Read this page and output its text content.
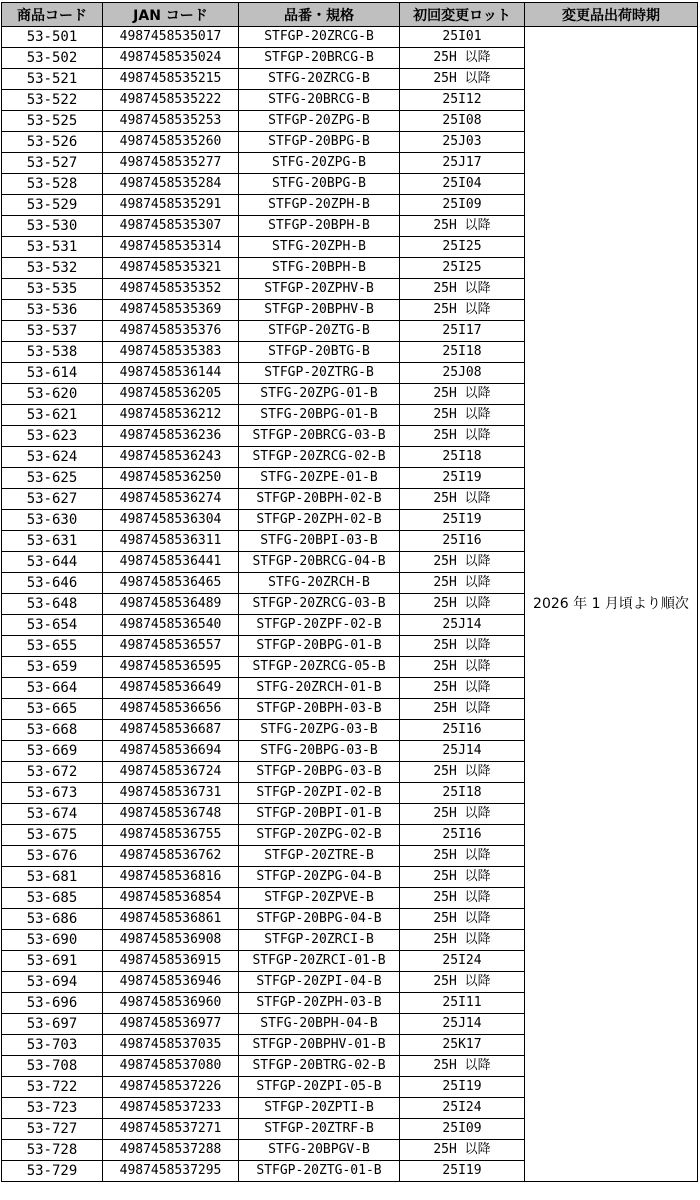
商品コード	JAN コード	品番・規格	初回変更ロット	変更品出荷時期
53-501	4987458535017	STFGP-20ZRCG-B	25I01	2026 年 1 月頃より順次
53-502	4987458535024	STFGP-20BRCG-B	25H 以降	
53-521	4987458535215	STFG-20ZRCG-B	25H 以降	
53-522	4987458535222	STFG-20BRCG-B	25I12	
53-525	4987458535253	STFGP-20ZPG-B	25I08	
53-526	4987458535260	STFGP-20BPG-B	25J03	
53-527	4987458535277	STFG-20ZPG-B	25J17	
53-528	4987458535284	STFG-20BPG-B	25I04	
53-529	4987458535291	STFGP-20ZPH-B	25I09	
53-530	4987458535307	STFGP-20BPH-B	25H 以降	
53-531	4987458535314	STFG-20ZPH-B	25I25	
53-532	4987458535321	STFG-20BPH-B	25I25	
53-535	4987458535352	STFGP-20ZPHV-B	25H 以降	
53-536	4987458535369	STFGP-20BPHV-B	25H 以降	
53-537	4987458535376	STFGP-20ZTG-B	25I17	
53-538	4987458535383	STFGP-20BTG-B	25I18	
53-614	4987458536144	STFGP-20ZTRG-B	25J08	
53-620	4987458536205	STFG-20ZPG-01-B	25H 以降	
53-621	4987458536212	STFG-20BPG-01-B	25H 以降	
53-623	4987458536236	STFGP-20BRCG-03-B	25H 以降	
53-624	4987458536243	STFGP-20ZRCG-02-B	25I18	
53-625	4987458536250	STFG-20ZPE-01-B	25I19	
53-627	4987458536274	STFGP-20BPH-02-B	25H 以降	
53-630	4987458536304	STFGP-20ZPH-02-B	25I19	
53-631	4987458536311	STFG-20BPI-03-B	25I16	
53-644	4987458536441	STFGP-20BRCG-04-B	25H 以降	
53-646	4987458536465	STFG-20ZRCH-B	25H 以降	
53-648	4987458536489	STFGP-20ZRCG-03-B	25H 以降	
53-654	4987458536540	STFGP-20ZPF-02-B	25J14	
53-655	4987458536557	STFGP-20BPG-01-B	25H 以降	
53-659	4987458536595	STFGP-20ZRCG-05-B	25H 以降	
53-664	4987458536649	STFG-20ZRCH-01-B	25H 以降	
53-665	4987458536656	STFGP-20BPH-03-B	25H 以降	
53-668	4987458536687	STFG-20ZPG-03-B	25I16	
53-669	4987458536694	STFG-20BPG-03-B	25J14	
53-672	4987458536724	STFGP-20BPG-03-B	25H 以降	
53-673	4987458536731	STFGP-20ZPI-02-B	25I18	
53-674	4987458536748	STFGP-20BPI-01-B	25H 以降	
53-675	4987458536755	STFGP-20ZPG-02-B	25I16	
53-676	4987458536762	STFGP-20ZTRE-B	25H 以降	
53-681	4987458536816	STFGP-20ZPG-04-B	25H 以降	
53-685	4987458536854	STFGP-20ZPVE-B	25H 以降	
53-686	4987458536861	STFGP-20BPG-04-B	25H 以降	
53-690	4987458536908	STFGP-20ZRCI-B	25H 以降	
53-691	4987458536915	STFGP-20ZRCI-01-B	25I24	
53-694	4987458536946	STFGP-20ZPI-04-B	25H 以降	
53-696	4987458536960	STFGP-20ZPH-03-B	25I11	
53-697	4987458536977	STFG-20BPH-04-B	25J14	
53-703	4987458537035	STFGP-20BPHV-01-B	25K17	
53-708	4987458537080	STFGP-20BTRG-02-B	25H 以降	
53-722	4987458537226	STFGP-20ZPI-05-B	25I19	
53-723	4987458537233	STFGP-20ZPTI-B	25I24	
53-727	4987458537271	STFGP-20ZTRF-B	25I09	
53-728	4987458537288	STFG-20BPGV-B	25H 以降	
53-729	4987458537295	STFGP-20ZTG-01-B	25I19	
